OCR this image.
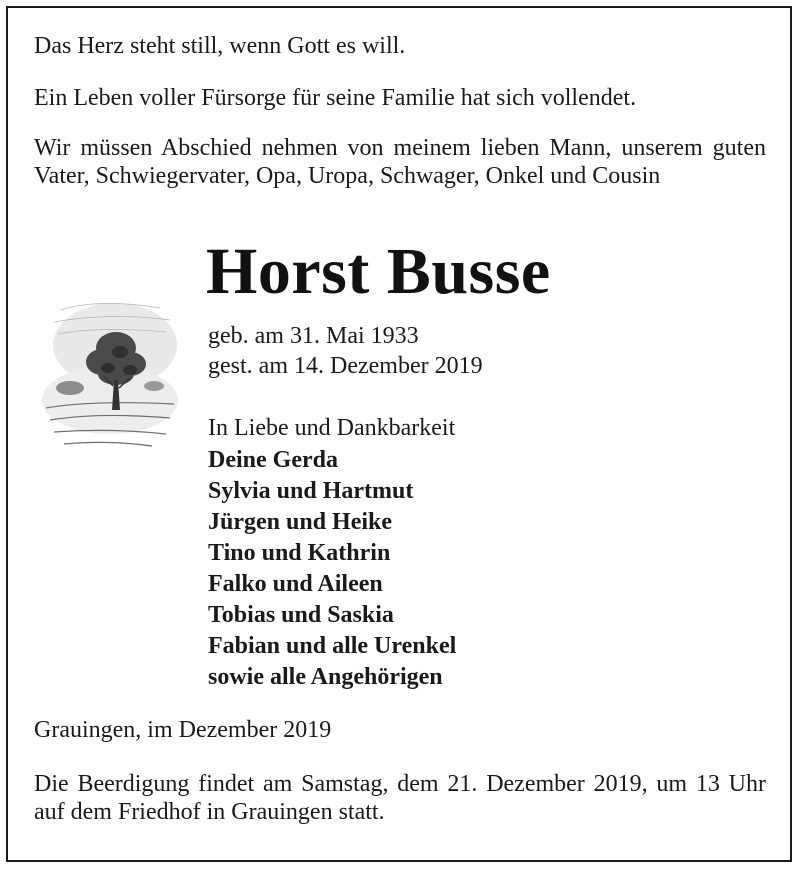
Das Herz steht still, wenn Gott es will.

Ein Leben voller Fürsorge für seine Familie hat sich vollendet.

Wir müssen Abschied nehmen von meinem lieben Mann, unserem guten Vater, Schwiegervater, Opa, Uropa, Schwager, Onkel und Cousin

Horst Busse

geb. am 31. Mai 1933

gest. am 14. Dezember 2019

In Liebe und Dankbarkeit

Deine Gerda
Sylvia und Hartmut
Jürgen und Heike
Tino und Kathrin
Falko und Aileen
Tobias und Saskia
Fabian und alle Urenkel
sowie alle Angehörigen

Grauingen, im Dezember 2019

Die Beerdigung findet am Samstag, dem 21. Dezember 2019, um 13 Uhr auf dem Friedhof in Grauingen statt.
